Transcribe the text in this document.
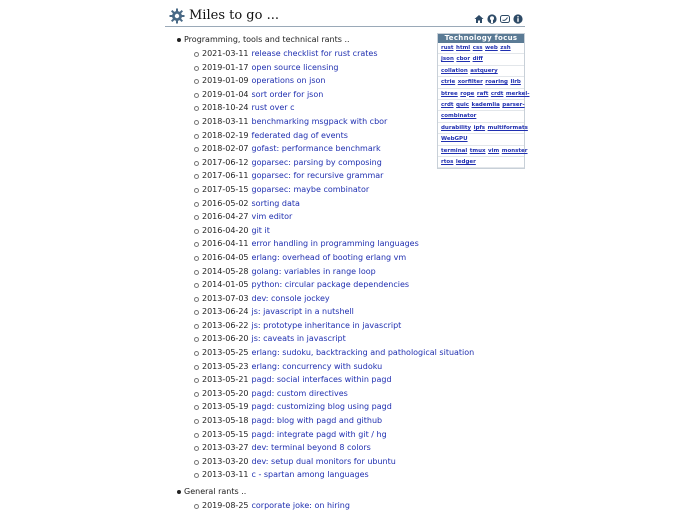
Miles to go ...
Programming, tools and technical rants ..
2021-03-11 release checklist for rust crates
2019-01-17 open source licensing
2019-01-09 operations on json
2019-01-04 sort order for json
2018-10-24 rust over c
2018-03-11 benchmarking msgpack with cbor
2018-02-19 federated dag of events
2018-02-07 gofast: performance benchmark
2017-06-12 goparsec: parsing by composing
2017-06-11 goparsec: for recursive grammar
2017-05-15 goparsec: maybe combinator
2016-05-02 sorting data
2016-04-27 vim editor
2016-04-20 git it
2016-04-11 error handling in programming languages
2016-04-05 erlang: overhead of booting erlang vm
2014-05-28 golang: variables in range loop
2014-01-05 python: circular package dependencies
2013-07-03 dev: console jockey
2013-06-24 js: javascript in a nutshell
2013-06-22 js: prototype inheritance in javascript
2013-06-20 js: caveats in javascript
2013-05-25 erlang: sudoku, backtracking and pathological situation
2013-05-23 erlang: concurrency with sudoku
2013-05-21 pagd: social interfaces within pagd
2013-05-20 pagd: custom directives
2013-05-19 pagd: customizing blog using pagd
2013-05-18 pagd: blog with pagd and github
2013-05-15 pagd: integrate pagd with git / hg
2013-03-27 dev: terminal beyond 8 colors
2013-03-20 dev: setup dual monitors for ubuntu
2013-03-11 c - spartan among languages
General rants ..
2019-08-25 corporate joke: on hiring
Technology focus
rust html css web zsh
json cbor diff
collation astquery
ctrie xorfilter roaring llrb
btree rope raft crdt merkel-
crdt quic kademlia parser-
combinator
durability ipfs multiformats
WebGPU
terminal tmux vim monster
rtos ledger
